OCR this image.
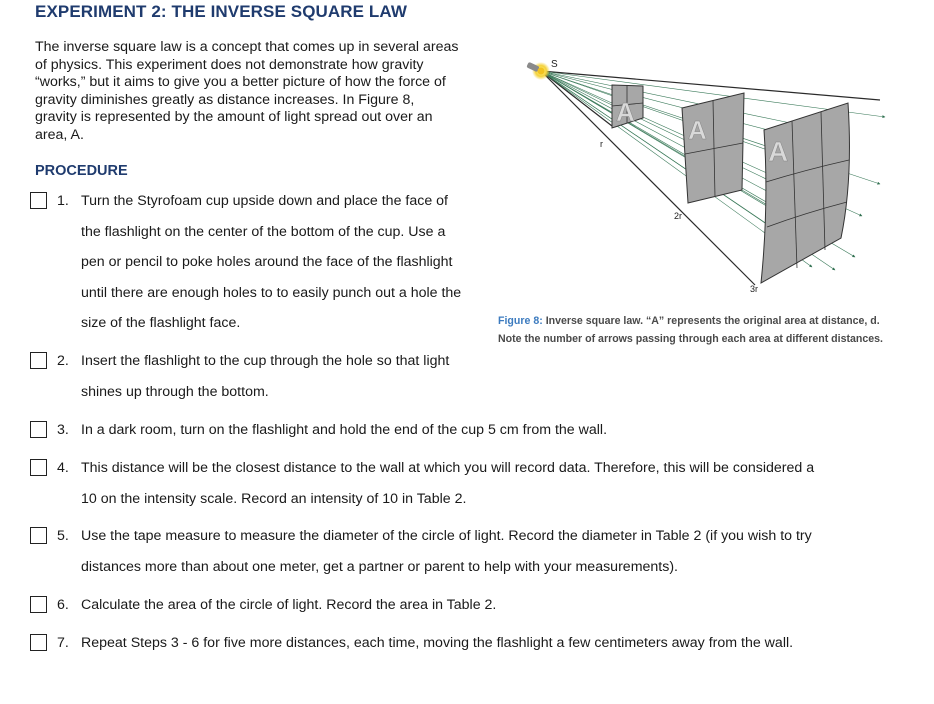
EXPERIMENT 2: THE INVERSE SQUARE LAW
The inverse square law is a concept that comes up in several areas
of physics. This experiment does not demonstrate how gravity
“works,” but it aims to give you a better picture of how the force of
gravity diminishes greatly as distance increases. In Figure 8,
gravity is represented by the amount of light spread out over an
area, A.
PROCEDURE
1. Turn the Styrofoam cup upside down and place the face of
the flashlight on the center of the bottom of the cup. Use a
pen or pencil to poke holes around the face of the flashlight
until there are enough holes to to easily punch out a hole the
size of the flashlight face.
2. Insert the flashlight to the cup through the hole so that light
shines up through the bottom.
3. In a dark room, turn on the flashlight and hold the end of the cup 5 cm from the wall.
4. This distance will be the closest distance to the wall at which you will record data. Therefore, this will be considered a
10 on the intensity scale. Record an intensity of 10 in Table 2.
5. Use the tape measure to measure the diameter of the circle of light. Record the diameter in Table 2 (if you wish to try
distances more than about one meter, get a partner or parent to help with your measurements).
6. Calculate the area of the circle of light. Record the area in Table 2.
7. Repeat Steps 3 - 6 for five more distances, each time, moving the flashlight a few centimeters away from the wall.
A
A
A
S
r
2r
3r
Figure 8: Inverse square law. “A” represents the original area at distance, d.
Note the number of arrows passing through each area at different distances.
